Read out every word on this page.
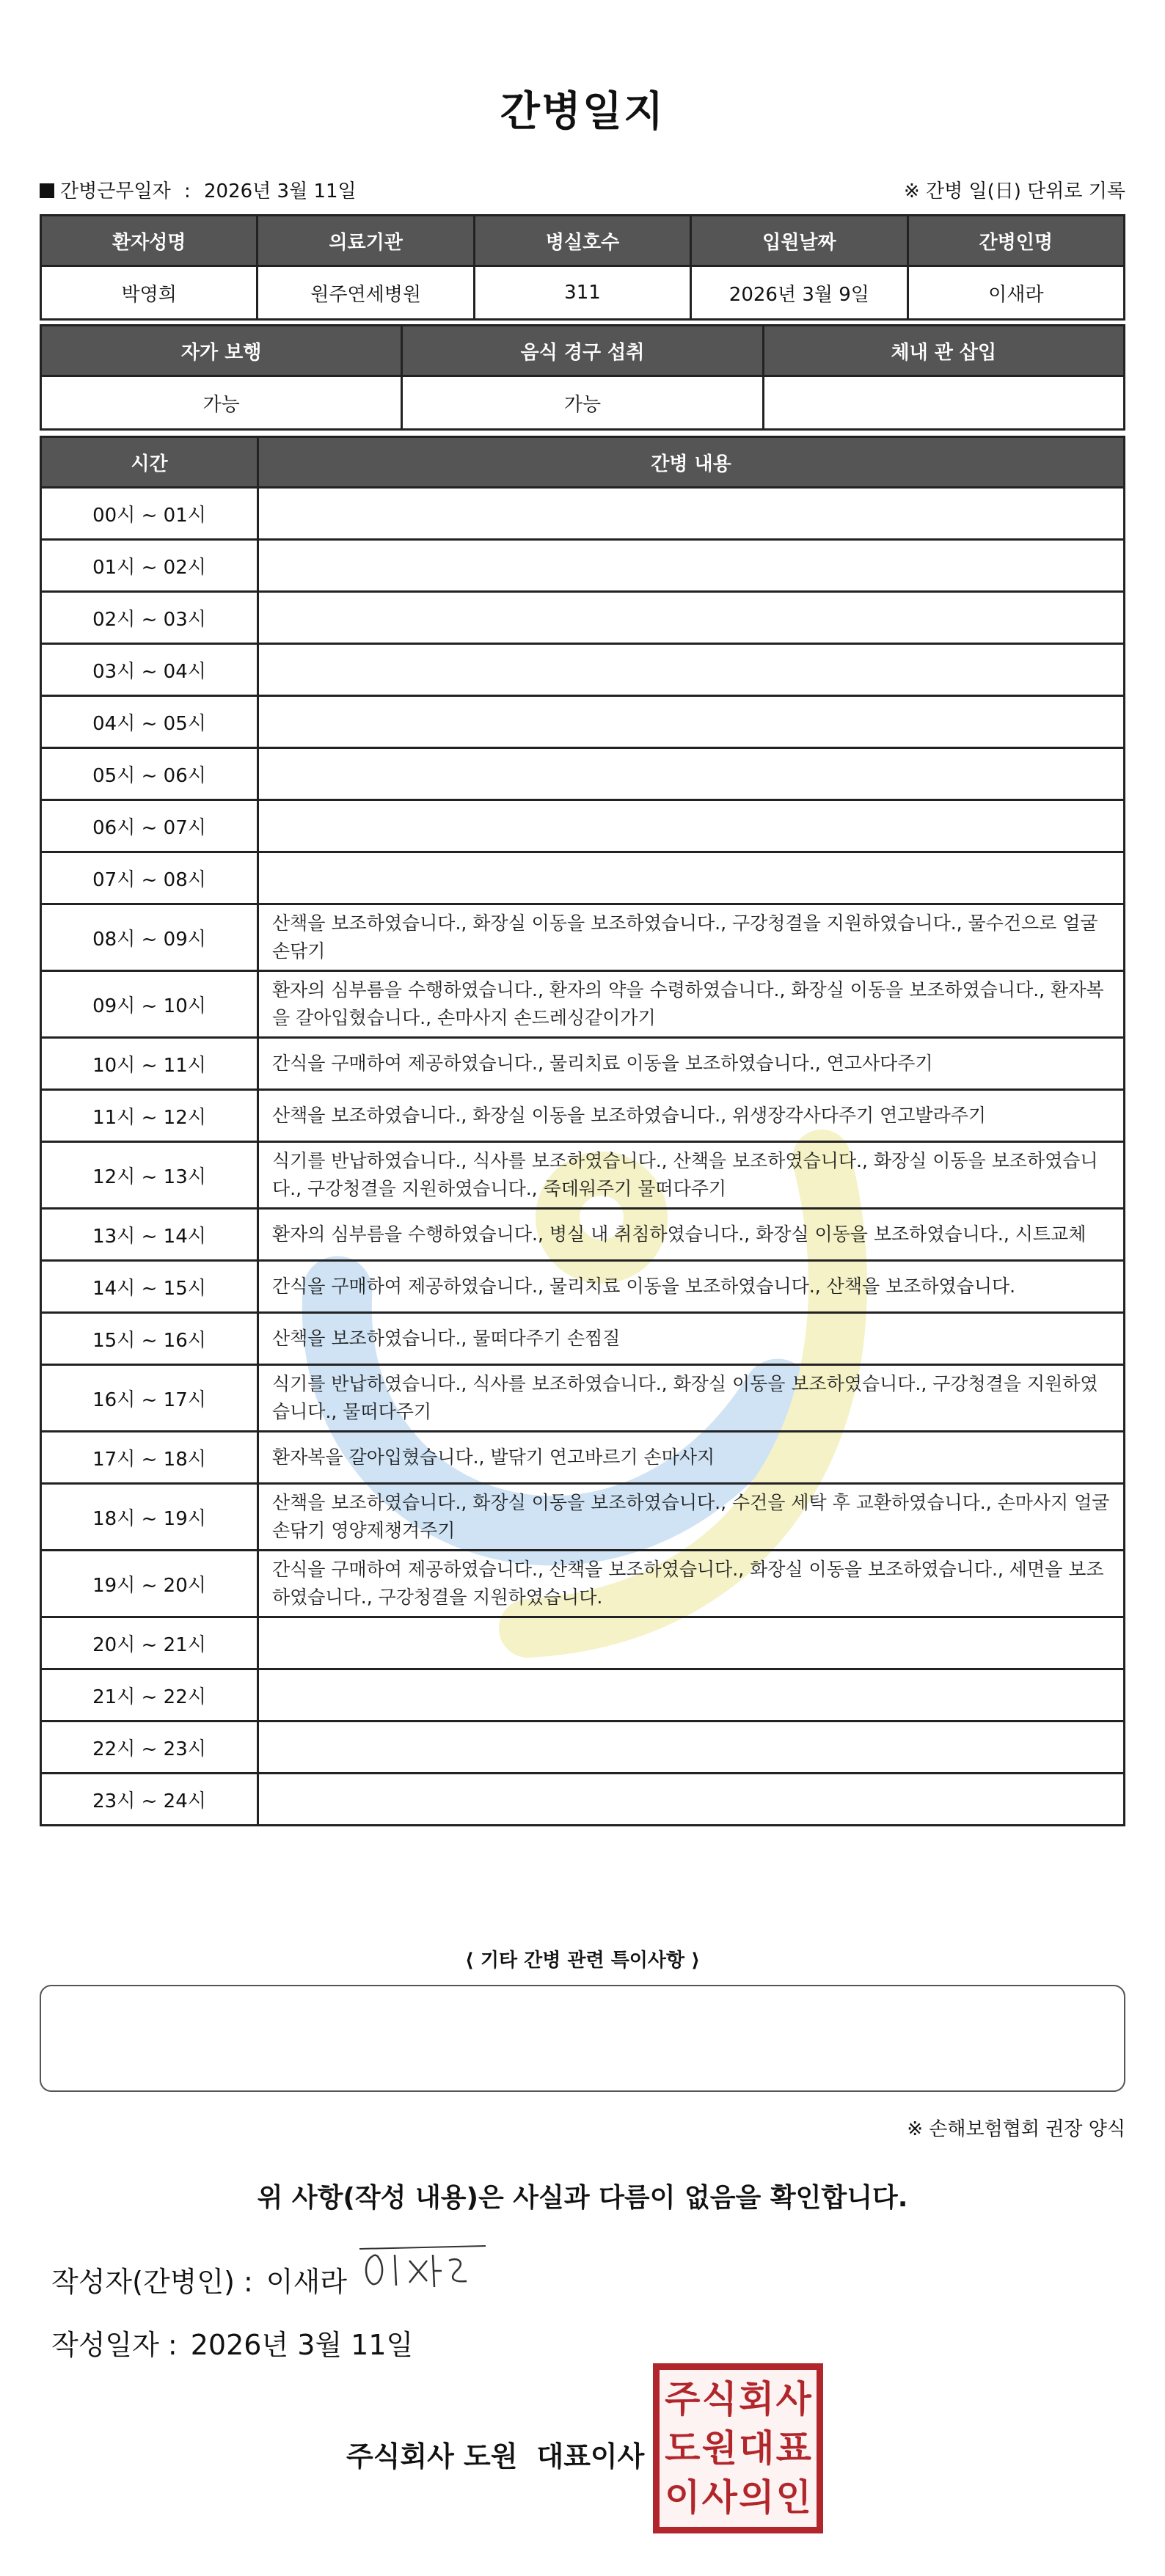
간병일지
간병근무일자 : 2026년 3월 11일	※ 간병 일(日) 단위로 기록
환자성명	의료기관	병실호수	입원날짜	간병인명
박영희	원주연세병원	311	2026년 3월 9일	이새라
자가 보행	음식 경구 섭취	체내 관 삽입
가능	가능	
시간	간병 내용
00시 ~ 01시	
01시 ~ 02시	
02시 ~ 03시	
03시 ~ 04시	
04시 ~ 05시	
05시 ~ 06시	
06시 ~ 07시	
07시 ~ 08시	
08시 ~ 09시	산책을 보조하였습니다., 화장실 이동을 보조하였습니다., 구강청결을 지원하였습니다., 물수건으로 얼굴 손닦기
09시 ~ 10시	환자의 심부름을 수행하였습니다., 환자의 약을 수령하였습니다., 화장실 이동을 보조하였습니다., 환자복을 갈아입혔습니다., 손마사지 손드레싱같이가기
10시 ~ 11시	간식을 구매하여 제공하였습니다., 물리치료 이동을 보조하였습니다., 연고사다주기
11시 ~ 12시	산책을 보조하였습니다., 화장실 이동을 보조하였습니다., 위생장각사다주기 연고발라주기
12시 ~ 13시	식기를 반납하였습니다., 식사를 보조하였습니다., 산책을 보조하였습니다., 화장실 이동을 보조하였습니다., 구강청결을 지원하였습니다., 죽데워주기 물떠다주기
13시 ~ 14시	환자의 심부름을 수행하였습니다., 병실 내 취침하였습니다., 화장실 이동을 보조하였습니다., 시트교체
14시 ~ 15시	간식을 구매하여 제공하였습니다., 물리치료 이동을 보조하였습니다., 산책을 보조하였습니다.
15시 ~ 16시	산책을 보조하였습니다., 물떠다주기 손찜질
16시 ~ 17시	식기를 반납하였습니다., 식사를 보조하였습니다., 화장실 이동을 보조하였습니다., 구강청결을 지원하였습니다., 물떠다주기
17시 ~ 18시	환자복을 갈아입혔습니다., 발닦기 연고바르기 손마사지
18시 ~ 19시	산책을 보조하였습니다., 화장실 이동을 보조하였습니다., 수건을 세탁 후 교환하였습니다., 손마사지 얼굴 손닦기 영양제챙겨주기
19시 ~ 20시	간식을 구매하여 제공하였습니다., 산책을 보조하였습니다., 화장실 이동을 보조하였습니다., 세면을 보조하였습니다., 구강청결을 지원하였습니다.
20시 ~ 21시	
21시 ~ 22시	
22시 ~ 23시	
23시 ~ 24시	
⟨ 기타 간병 관련 특이사항 ⟩
※ 손해보험협회 권장 양식
위 사항(작성 내용)은 사실과 다름이 없음을 확인합니다.
작성자(간병인) : 이새라
작성일자 : 2026년 3월 11일
주식회사 도원 대표이사
주 식 회 사
도 원 대 표
이 사 의 인
